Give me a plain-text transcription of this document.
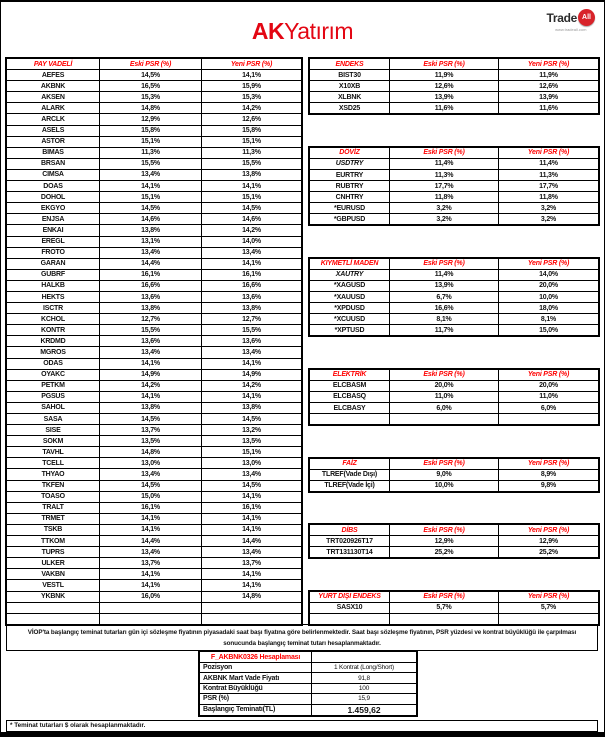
AKYatırım
Trade All
www.tradeall.com
PAY VADELİ	Eski PSR (%)	Yeni PSR (%)
AEFES	14,5%	14,1%
AKBNK	16,5%	15,9%
AKSEN	15,3%	15,3%
ALARK	14,8%	14,2%
ARCLK	12,9%	12,6%
ASELS	15,8%	15,8%
ASTOR	15,1%	15,1%
BIMAS	11,3%	11,3%
BRSAN	15,5%	15,5%
CIMSA	13,4%	13,8%
DOAS	14,1%	14,1%
DOHOL	15,1%	15,1%
EKGYO	14,5%	14,5%
ENJSA	14,6%	14,6%
ENKAI	13,8%	14,2%
EREGL	13,1%	14,0%
FROTO	13,4%	13,4%
GARAN	14,4%	14,1%
GUBRF	16,1%	16,1%
HALKB	16,6%	16,6%
HEKTS	13,6%	13,6%
ISCTR	13,8%	13,8%
KCHOL	12,7%	12,7%
KONTR	15,5%	15,5%
KRDMD	13,6%	13,6%
MGROS	13,4%	13,4%
ODAS	14,1%	14,1%
OYAKC	14,9%	14,9%
PETKM	14,2%	14,2%
PGSUS	14,1%	14,1%
SAHOL	13,8%	13,8%
SASA	14,5%	14,5%
SISE	13,7%	13,2%
SOKM	13,5%	13,5%
TAVHL	14,8%	15,1%
TCELL	13,0%	13,0%
THYAO	13,4%	13,4%
TKFEN	14,5%	14,5%
TOASO	15,0%	14,1%
TRALT	16,1%	16,1%
TRMET	14,1%	14,1%
TSKB	14,1%	14,1%
TTKOM	14,4%	14,4%
TUPRS	13,4%	13,4%
ULKER	13,7%	13,7%
VAKBN	14,1%	14,1%
VESTL	14,1%	14,1%
YKBNK	16,0%	14,8%

ENDEKS	Eski PSR (%)	Yeni PSR (%)
BIST30	11,9%	11,9%
X10XB	12,6%	12,6%
XLBNK	13,9%	13,9%
XSD25	11,6%	11,6%
DÖVİZ	Eski PSR (%)	Yeni PSR (%)
USDTRY	11,4%	11,4%
EURTRY	11,3%	11,3%
RUBTRY	17,7%	17,7%
CNHTRY	11,8%	11,8%
*EURUSD	3,2%	3,2%
*GBPUSD	3,2%	3,2%
KIYMETLİ MADEN	Eski PSR (%)	Yeni PSR (%)
XAUTRY	11,4%	14,0%
*XAGUSD	13,9%	20,0%
*XAUUSD	6,7%	10,0%
*XPDUSD	16,6%	18,0%
*XCUUSD	8,1%	8,1%
*XPTUSD	11,7%	15,0%
ELEKTRİK	Eski PSR (%)	Yeni PSR (%)
ELCBASM	20,0%	20,0%
ELCBASQ	11,0%	11,0%
ELCBASY	6,0%	6,0%

FAİZ	Eski PSR (%)	Yeni PSR (%)
TLREF(Vade Dışı)	9,0%	8,9%
TLREF(Vade İçi)	10,0%	9,8%
DİBS	Eski PSR (%)	Yeni PSR (%)
TRT020926T17	12,9%	12,9%
TRT131130T14	25,2%	25,2%
YURT DIŞI ENDEKS	Eski PSR (%)	Yeni PSR (%)
SASX10	5,7%	5,7%

F_AKBNK0326 Hesaplaması	
Pozisyon	1 Kontrat (Long/Short)
AKBNK Mart Vade Fiyatı	91,8
Kontrat Büyüklüğü	100
PSR (%)	15,9
Başlangıç Teminatı(TL)	1.459,62
VİOP'ta başlangıç teminat tutarları gün içi sözleşme fiyatının piyasadaki saat başı fiyatına göre belirlenmektedir. Saat başı sözleşme fiyatının, PSR yüzdesi ve kontrat büyüklüğü ile çarpılması sonucunda başlangıç teminat tutarı hesaplanmaktadır.
* Teminat tutarları $ olarak hesaplanmaktadır.
